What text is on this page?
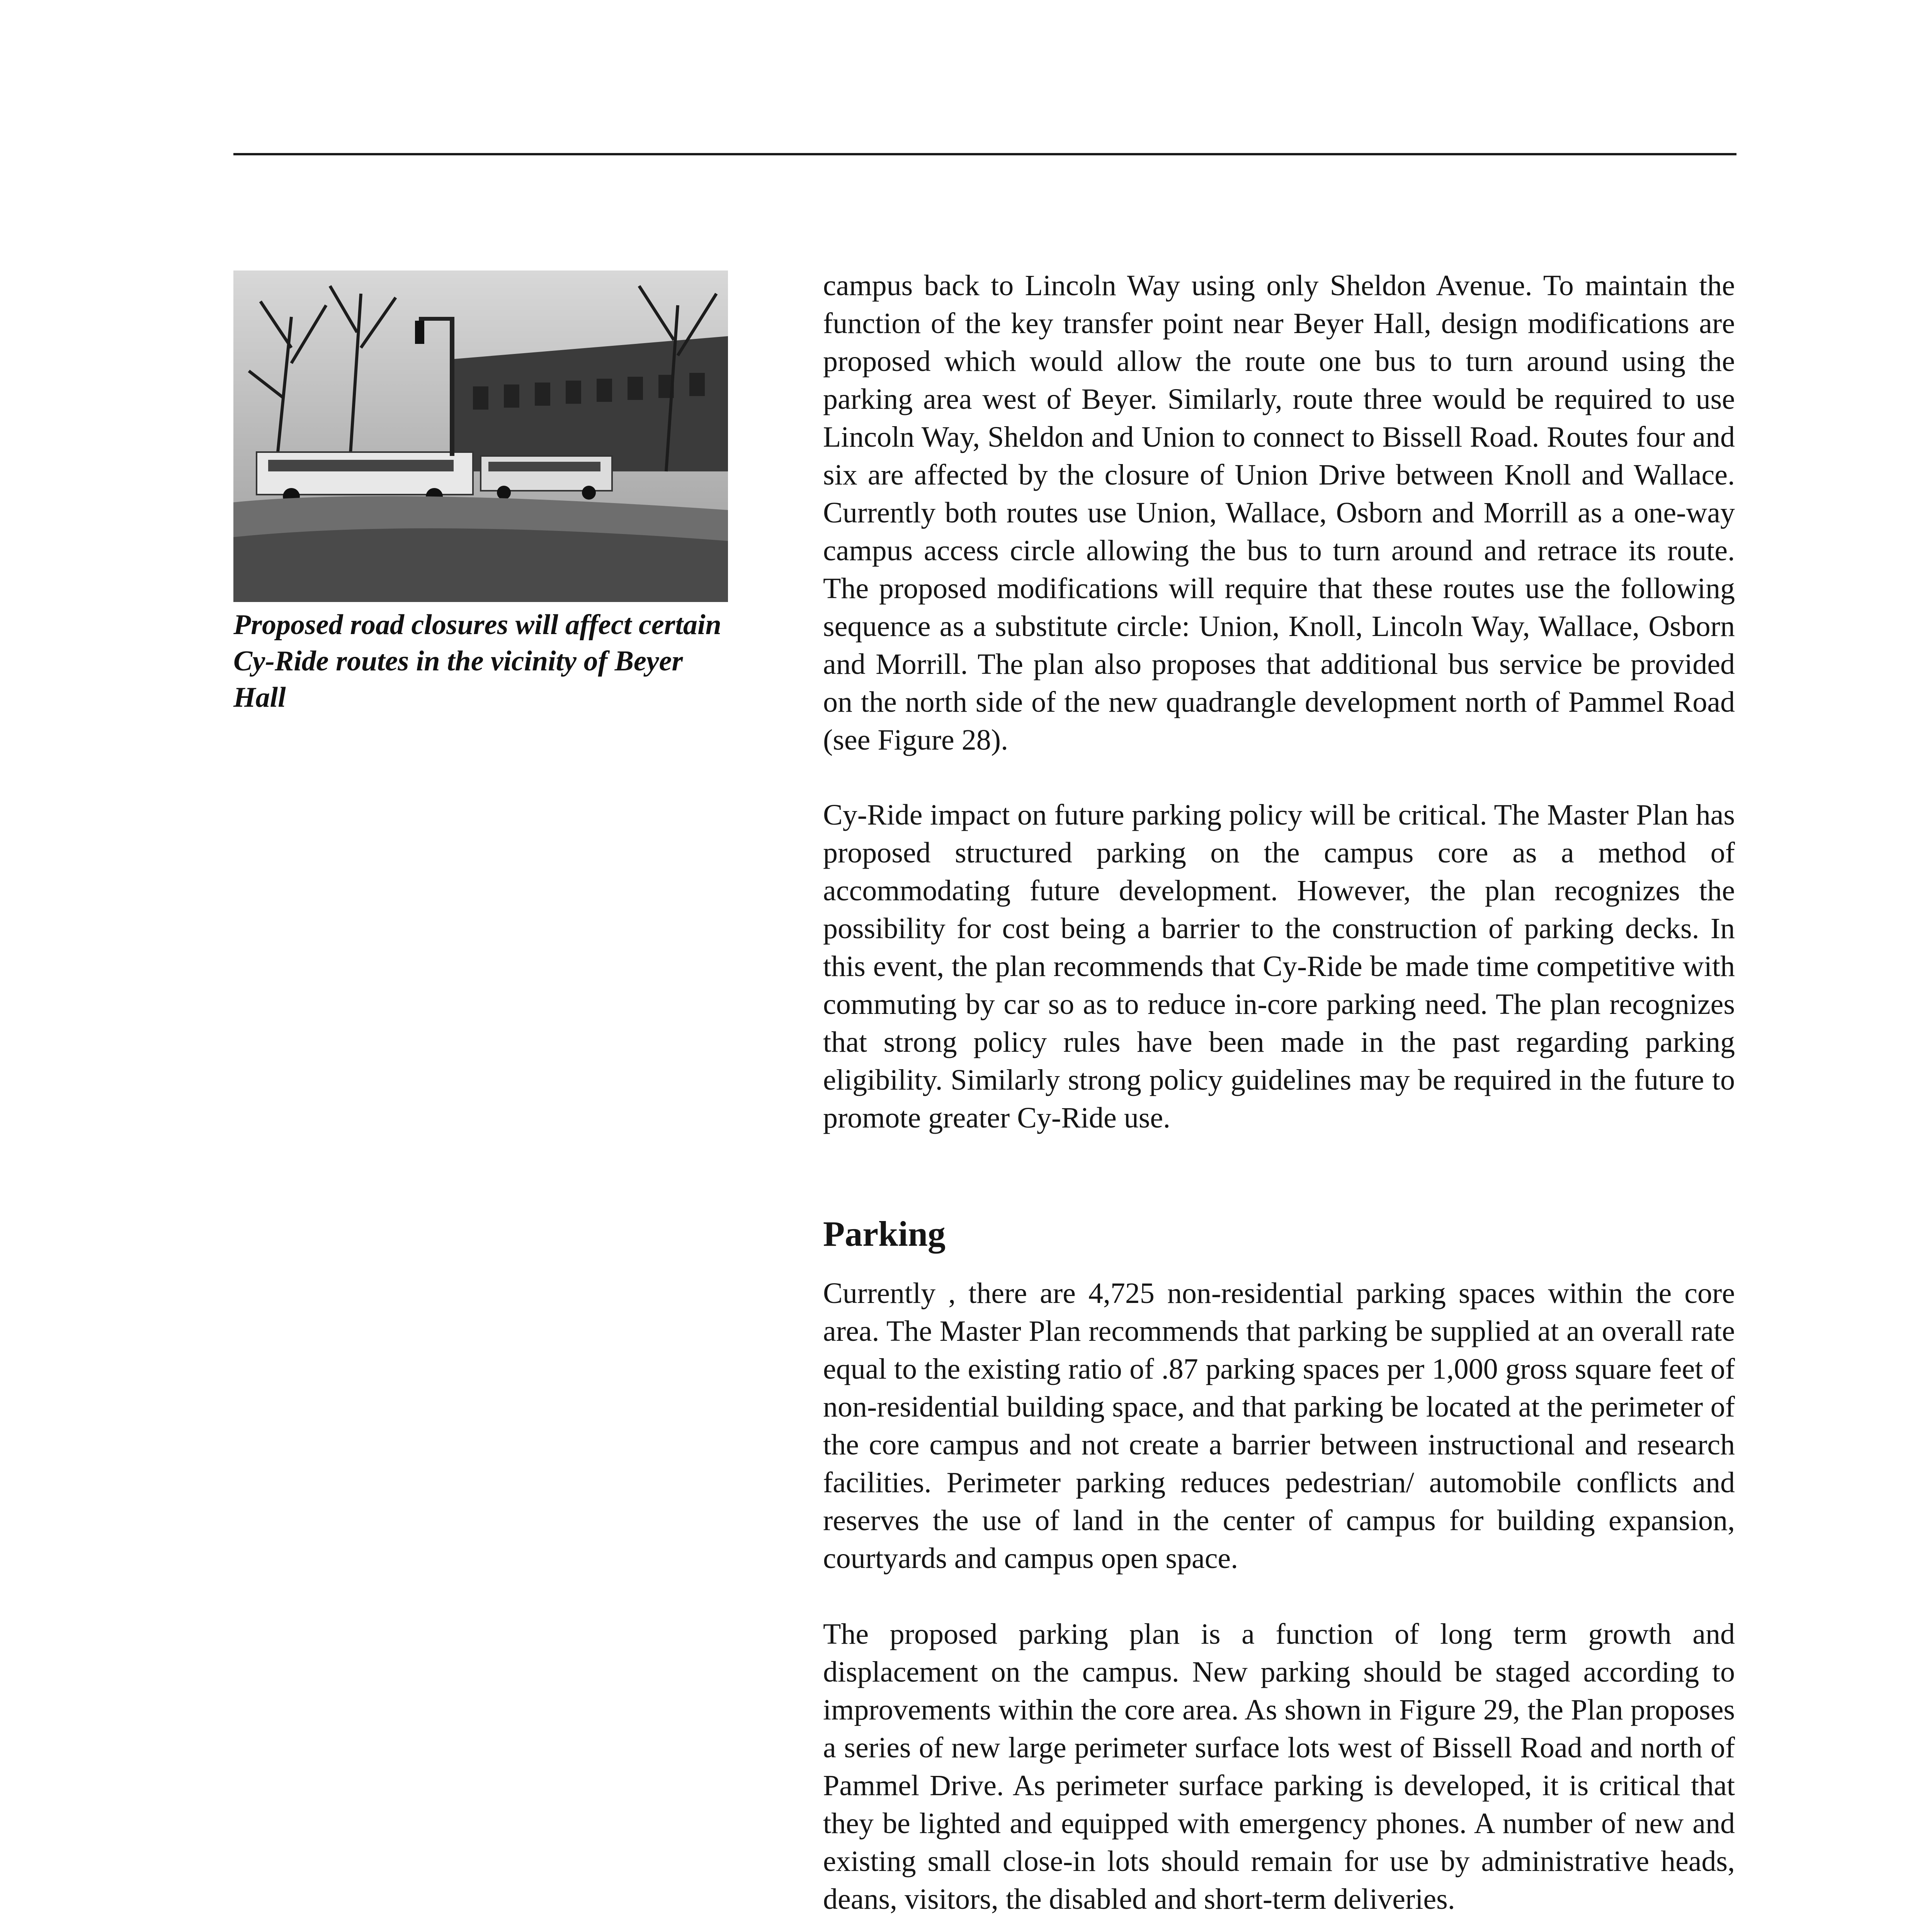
Proposed road closures will affect certain Cy-Ride routes in the vicinity of Beyer Hall

campus back to Lincoln Way using only Sheldon Avenue. To maintain the function of the key transfer point near Beyer Hall, design modifications are proposed which would allow the route one bus to turn around using the parking area west of Beyer. Similarly, route three would be required to use Lincoln Way, Sheldon and Union to connect to Bissell Road. Routes four and six are affected by the closure of Union Drive between Knoll and Wallace. Currently both routes use Union, Wallace, Osborn and Morrill as a one-way campus access circle allowing the bus to turn around and retrace its route. The proposed modifications will require that these routes use the following sequence as a substitute circle: Union, Knoll, Lincoln Way, Wallace, Osborn and Morrill. The plan also proposes that additional bus service be provided on the north side of the new quadrangle development north of Pammel Road (see Figure 28).

Cy-Ride impact on future parking policy will be critical. The Master Plan has proposed structured parking on the campus core as a method of accommodating future development. However, the plan recognizes the possibility for cost being a barrier to the construction of parking decks. In this event, the plan recommends that Cy-Ride be made time competitive with commuting by car so as to reduce in-core parking need. The plan recognizes that strong policy rules have been made in the past regarding parking eligibility. Similarly strong policy guidelines may be required in the future to promote greater Cy-Ride use.

Parking

Currently , there are 4,725 non-residential parking spaces within the core area. The Master Plan recommends that parking be supplied at an overall rate equal to the existing ratio of .87 parking spaces per 1,000 gross square feet of non-residential building space, and that parking be located at the perimeter of the core campus and not create a barrier between instructional and research facilities. Perimeter parking reduces pedestrian/ automobile conflicts and reserves the use of land in the center of campus for building expansion, courtyards and campus open space.

The proposed parking plan is a function of long term growth and displacement on the campus. New parking should be staged according to improvements within the core area. As shown in Figure 29, the Plan proposes a series of new large perimeter surface lots west of Bissell Road and north of Pammel Drive. As perimeter surface parking is developed, it is critical that they be lighted and equipped with emergency phones. A number of new and existing small close-in lots should remain for use by administrative heads, deans, visitors, the disabled and short-term deliveries.
